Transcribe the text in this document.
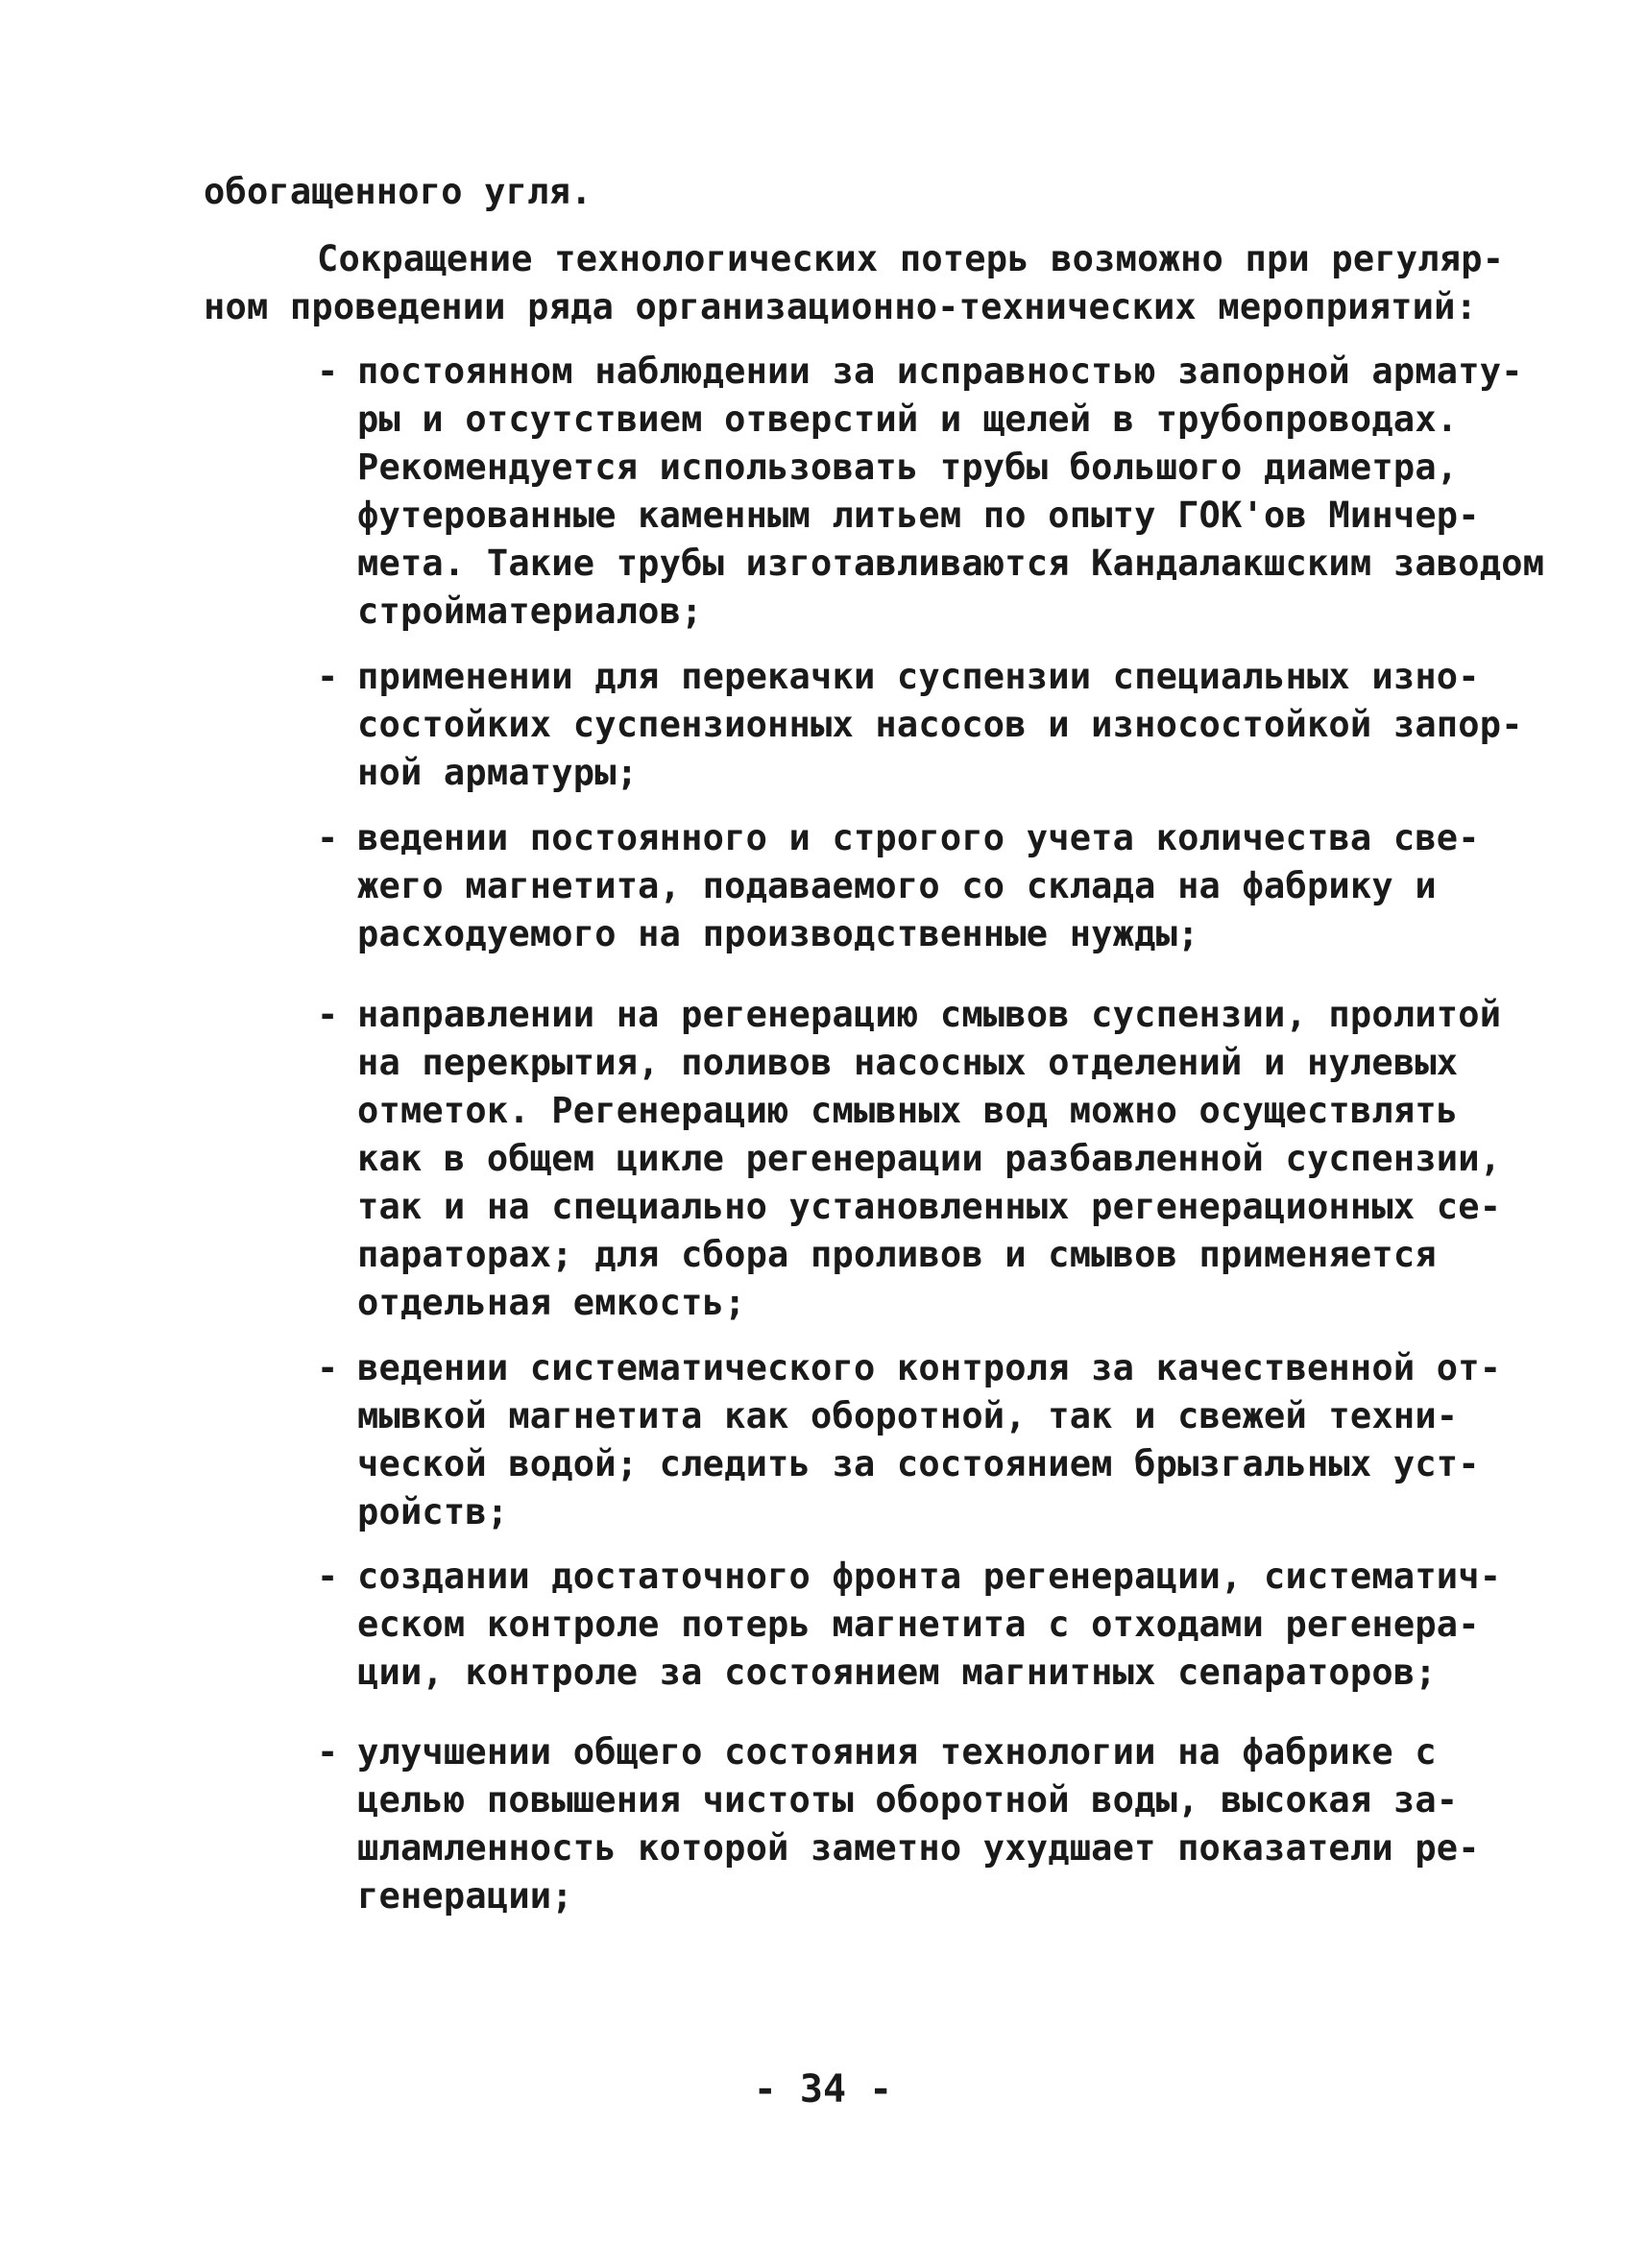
обогащенного угля.
Сокращение технологических потерь возможно при регуляр-
ном проведении ряда организационно-технических мероприятий:
- постоянном наблюдении за исправностью запорной армату-
ры и отсутствием отверстий и щелей в трубопроводах.
Рекомендуется использовать трубы большого диаметра,
футерованные каменным литьем по опыту ГОК'ов Минчер-
мета. Такие трубы изготавливаются Кандалакшским заводом
стройматериалов;
- применении для перекачки суспензии специальных изно-
состойких суспензионных насосов и износостойкой запор-
ной арматуры;
- ведении постоянного и строгого учета количества све-
жего магнетита, подаваемого со склада на фабрику и
расходуемого на производственные нужды;
- направлении на регенерацию смывов суспензии, пролитой
на перекрытия, поливов насосных отделений и нулевых
отметок. Регенерацию смывных вод можно осуществлять
как в общем цикле регенерации разбавленной суспензии,
так и на специально установленных регенерационных се-
параторах; для сбора проливов и смывов применяется
отдельная емкость;
- ведении систематического контроля за качественной от-
мывкой магнетита как оборотной, так и свежей техни-
ческой водой; следить за состоянием брызгальных уст-
ройств;
- создании достаточного фронта регенерации, систематич-
еском контроле потерь магнетита с отходами регенера-
ции, контроле за состоянием магнитных сепараторов;
- улучшении общего состояния технологии на фабрике с
целью повышения чистоты оборотной воды, высокая за-
шламленность которой заметно ухудшает показатели ре-
генерации;
- 34 -
